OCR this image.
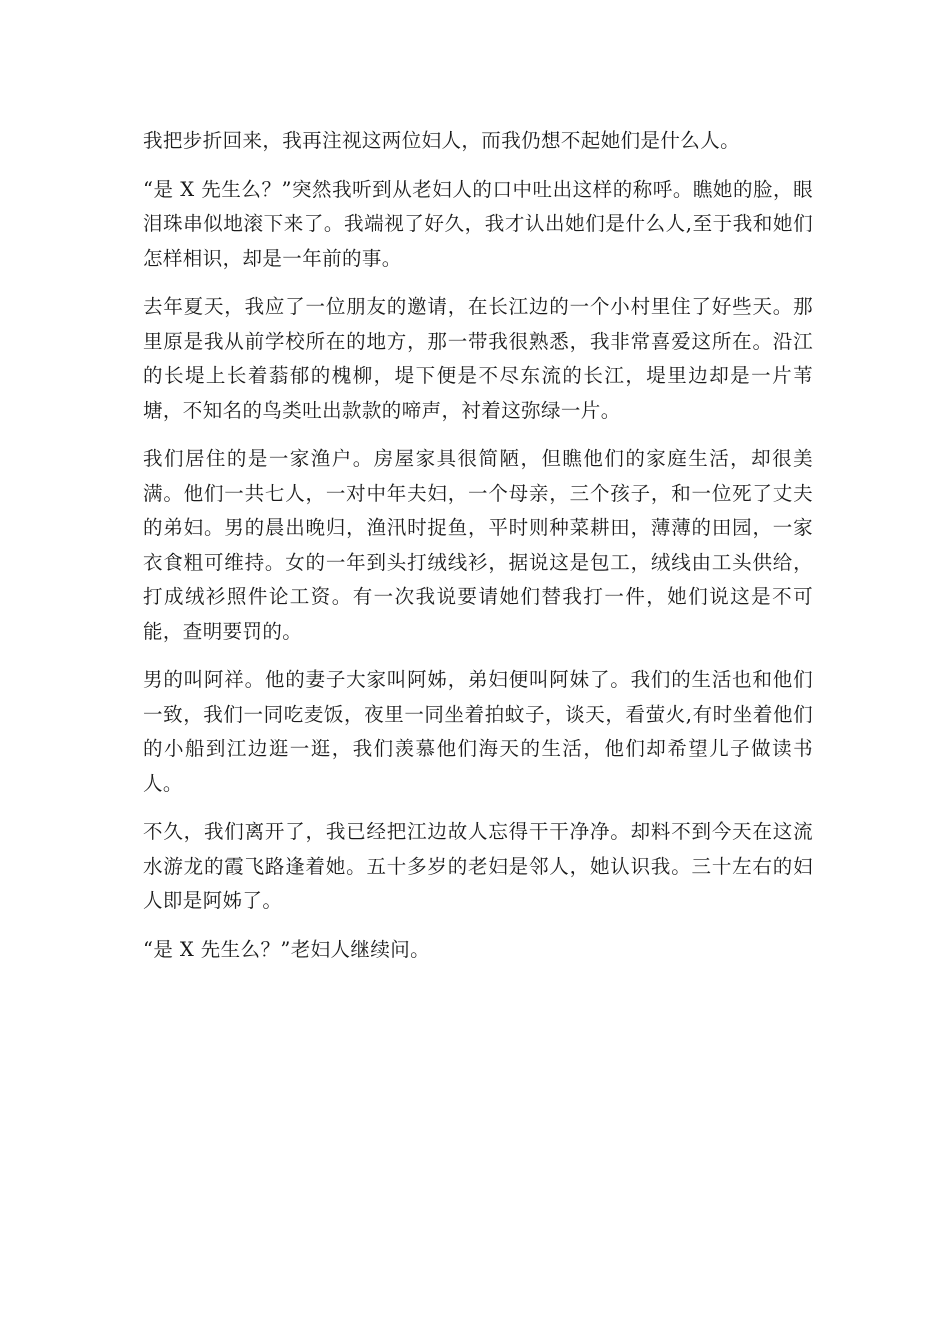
我把步折回来，我再注视这两位妇人，而我仍想不起她们是什么人。

“是 X 先生么？”突然我听到从老妇人的口中吐出这样的称呼。瞧她的脸，眼泪珠串似地滚下来了。我端视了好久，我才认出她们是什么人,至于我和她们怎样相识，却是一年前的事。

去年夏天，我应了一位朋友的邀请，在长江边的一个小村里住了好些天。那里原是我从前学校所在的地方，那一带我很熟悉，我非常喜爱这所在。沿江的长堤上长着蓊郁的槐柳，堤下便是不尽东流的长江，堤里边却是一片苇塘，不知名的鸟类吐出款款的啼声，衬着这弥绿一片。

我们居住的是一家渔户。房屋家具很简陋，但瞧他们的家庭生活，却很美满。他们一共七人，一对中年夫妇，一个母亲，三个孩子，和一位死了丈夫的弟妇。男的晨出晚归，渔汛时捉鱼，平时则种菜耕田，薄薄的田园，一家衣食粗可维持。女的一年到头打绒线衫，据说这是包工，绒线由工头供给，打成绒衫照件论工资。有一次我说要请她们替我打一件，她们说这是不可能，查明要罚的。

男的叫阿祥。他的妻子大家叫阿姊，弟妇便叫阿妹了。我们的生活也和他们一致，我们一同吃麦饭，夜里一同坐着拍蚊子，谈天，看萤火,有时坐着他们的小船到江边逛一逛，我们羡慕他们海天的生活，他们却希望儿子做读书人。

不久，我们离开了，我已经把江边故人忘得干干净净。却料不到今天在这流水游龙的霞飞路逢着她。五十多岁的老妇是邻人，她认识我。三十左右的妇人即是阿姊了。

“是 X 先生么？”老妇人继续问。
